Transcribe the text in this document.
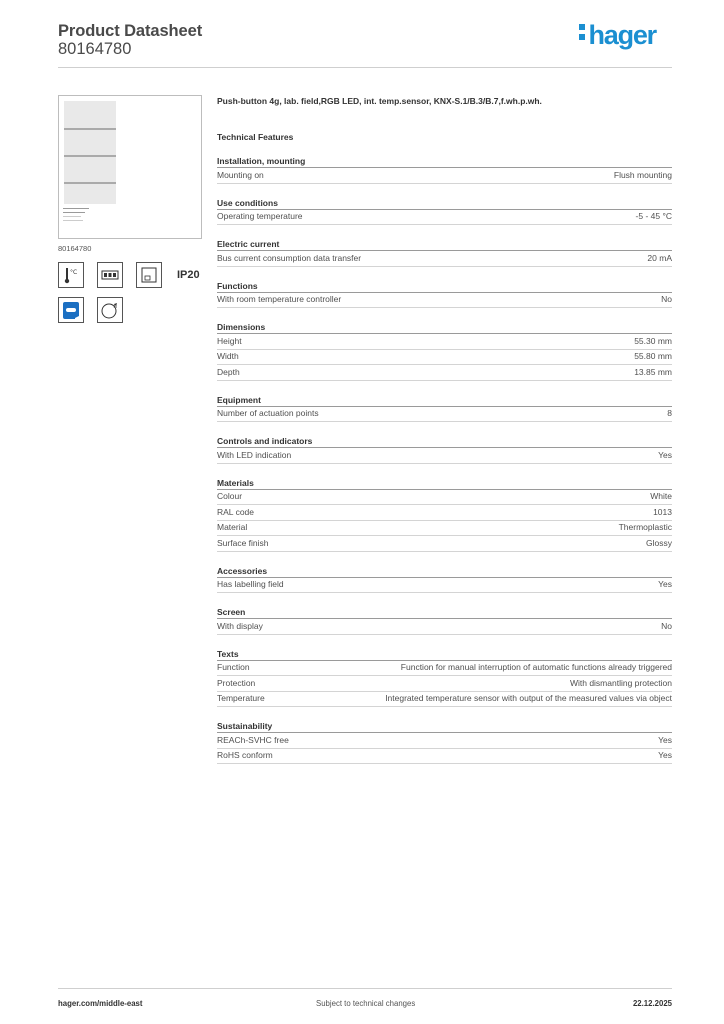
Product Datasheet
80164780	hager
80164780
°C	IP20
M
Push-button 4g, lab. field,RGB LED, int. temp.sensor, KNX-S.1/B.3/B.7,f.wh.p.wh.
Technical Features
Installation, mounting
Mounting on	Flush mounting
Use conditions
Operating temperature	-5 - 45 °C
Electric current
Bus current consumption data transfer	20 mA
Functions
With room temperature controller	No
Dimensions
Height	55.30 mm
Width	55.80 mm
Depth	13.85 mm
Equipment
Number of actuation points	8
Controls and indicators
With LED indication	Yes
Materials
Colour	White
RAL code	1013
Material	Thermoplastic
Surface finish	Glossy
Accessories
Has labelling field	Yes
Screen
With display	No
Texts
Function	Function for manual interruption of automatic functions already triggered
Protection	With dismantling protection
Temperature	Integrated temperature sensor with output of the measured values via object
Sustainability
REACh-SVHC free	Yes
RoHS conform	Yes
hager.com/middle-east	Subject to technical changes	22.12.2025
